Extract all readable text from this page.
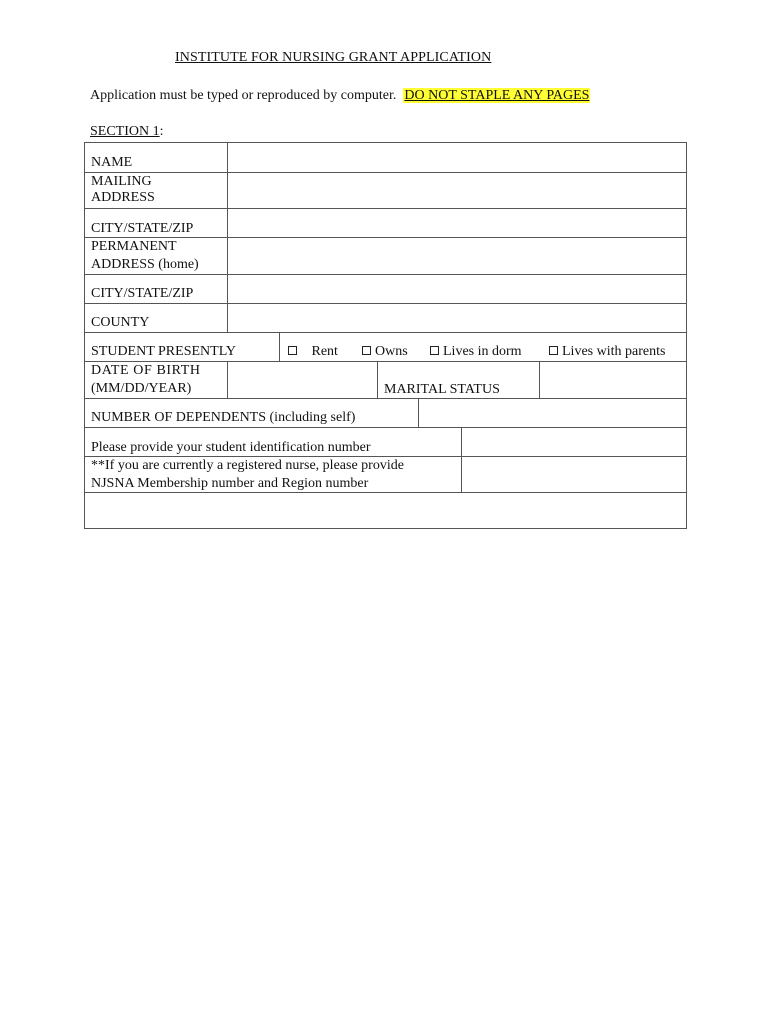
INSTITUTE FOR NURSING GRANT APPLICATION
Application must be typed or reproduced by computer. DO NOT STAPLE ANY PAGES
SECTION 1:
NAME
MAILING
ADDRESS
CITY/STATE/ZIP
PERMANENT
ADDRESS (home)
CITY/STATE/ZIP
COUNTY
STUDENT PRESENTLY	Rent	Owns	Lives in dorm	Lives with parents
DATE OF BIRTH
(MM/DD/YEAR)	MARITAL STATUS
NUMBER OF DEPENDENTS (including self)
Please provide your student identification number
**If you are currently a registered nurse, please provide
NJSNA Membership number and Region number
